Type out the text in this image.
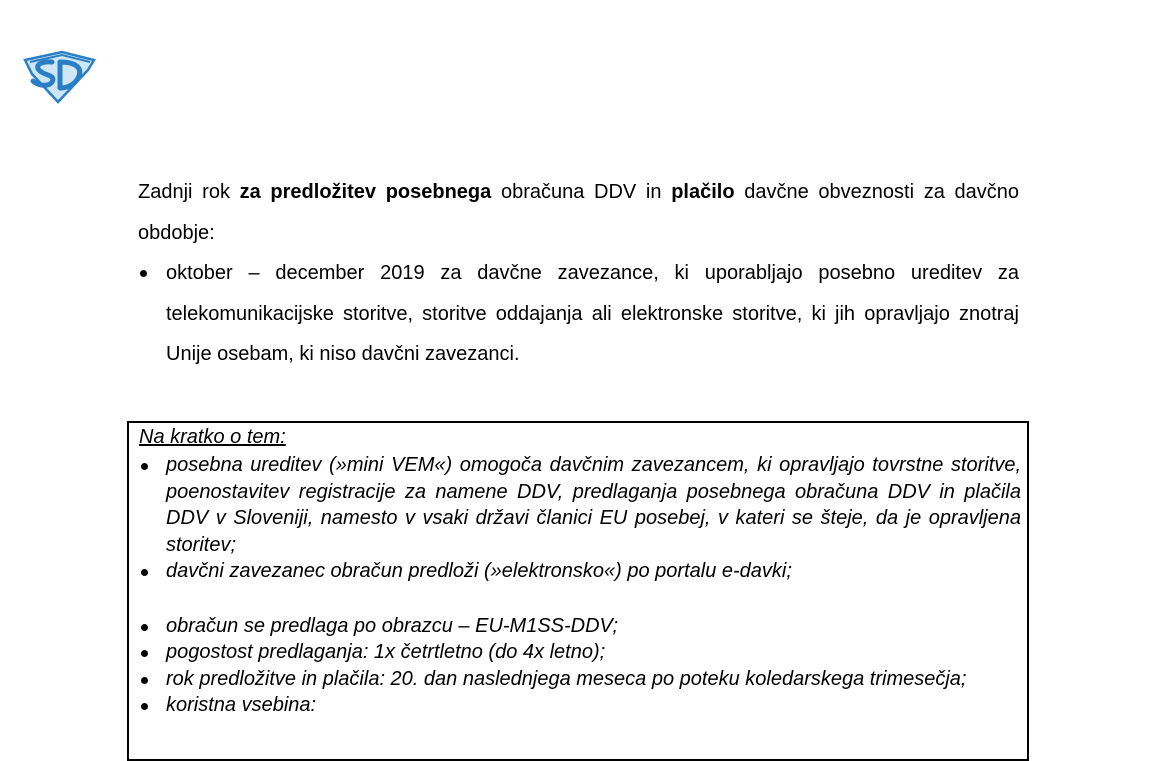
Zadnji rok za predložitev posebnega obračuna DDV in plačilo davčne obveznosti za davčno obdobje:

oktober – december 2019 za davčne zavezance, ki uporabljajo posebno ureditev za telekomunikacijske storitve, storitve oddajanja ali elektronske storitve, ki jih opravljajo znotraj Unije osebam, ki niso davčni zavezanci.
Na kratko o tem:
posebna ureditev (»mini VEM«) omogoča davčnim zavezancem, ki opravljajo tovrstne storitve, poenostavitev registracije za namene DDV, predlaganja posebnega obračuna DDV in plačila DDV v Sloveniji, namesto v vsaki državi članici EU posebej, v kateri se šteje, da je opravljena storitev;
davčni zavezanec obračun predloži (»elektronsko«) po portalu e-davki;
obračun se predlaga po obrazcu – EU-M1SS-DDV;
pogostost predlaganja: 1x četrtletno (do 4x letno);
rok predložitve in plačila: 20. dan naslednjega meseca po poteku koledarskega trimesečja;
koristna vsebina:
